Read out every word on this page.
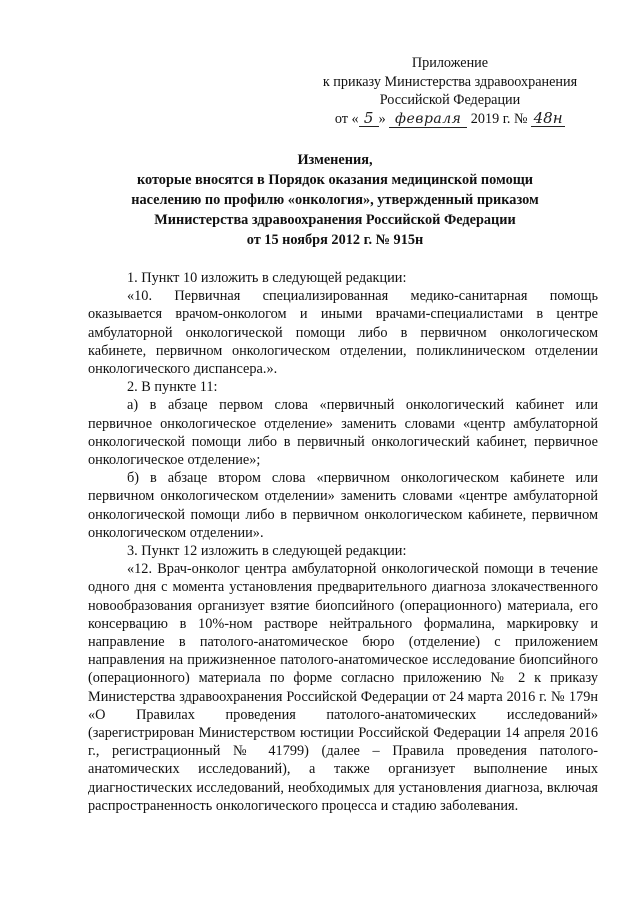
Приложение
к приказу Министерства здравоохранения
Российской Федерации
от « 5 » февраля 2019 г. № 48н
Изменения,
которые вносятся в Порядок оказания медицинской помощи
населению по профилю «онкология», утвержденный приказом
Министерства здравоохранения Российской Федерации
от 15 ноября 2012 г. № 915н

1. Пункт 10 изложить в следующей редакции:

«10. Первичная специализированная медико-санитарная помощь оказывается врачом-онкологом и иными врачами-специалистами в центре амбулаторной онкологической помощи либо в первичном онкологическом кабинете, первичном онкологическом отделении, поликлиническом отделении онкологического диспансера.».

2. В пункте 11:

а) в абзаце первом слова «первичный онкологический кабинет или первичное онкологическое отделение» заменить словами «центр амбулаторной онкологической помощи либо в первичный онкологический кабинет, первичное онкологическое отделение»;

б) в абзаце втором слова «первичном онкологическом кабинете или первичном онкологическом отделении» заменить словами «центре амбулаторной онкологической помощи либо в первичном онкологическом кабинете, первичном онкологическом отделении».

3. Пункт 12 изложить в следующей редакции:

«12. Врач-онколог центра амбулаторной онкологической помощи в течение одного дня с момента установления предварительного диагноза злокачественного новообразования организует взятие биопсийного (операционного) материала, его консервацию в 10%-ном растворе нейтрального формалина, маркировку и направление в патолого-анатомическое бюро (отделение) с приложением направления на прижизненное патолого-анатомическое исследование биопсийного (операционного) материала по форме согласно приложению № 2 к приказу Министерства здравоохранения Российской Федерации от 24 марта 2016 г. № 179н «О Правилах проведения патолого-анатомических исследований» (зарегистрирован Министерством юстиции Российской Федерации 14 апреля 2016 г., регистрационный № 41799) (далее – Правила проведения патолого-анатомических исследований), а также организует выполнение иных диагностических исследований, необходимых для установления диагноза, включая распространенность онкологического процесса и стадию заболевания.
